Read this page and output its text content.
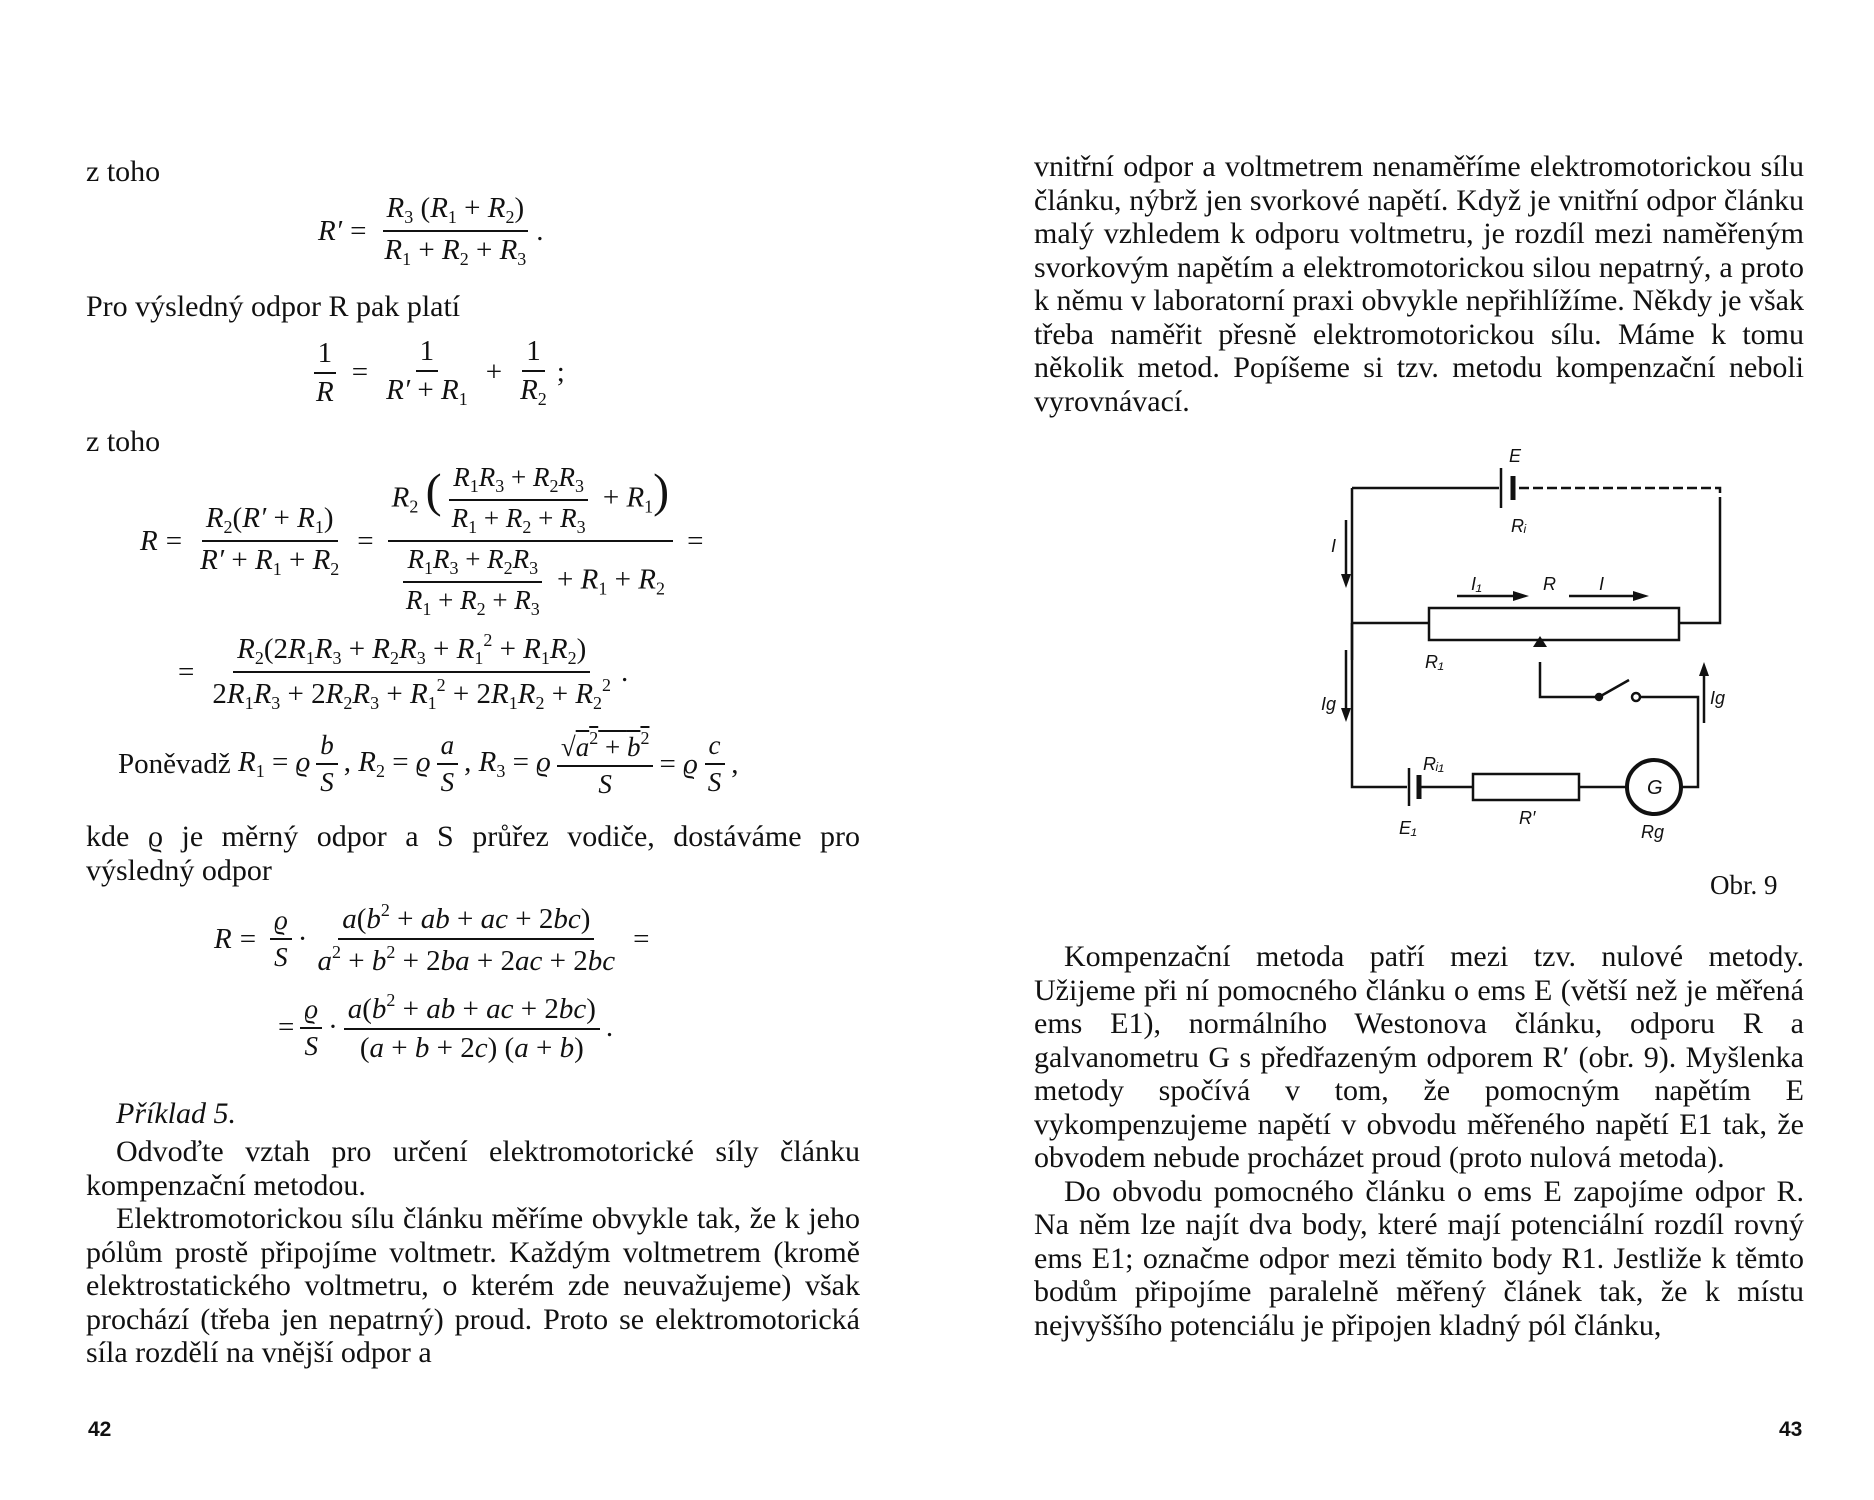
z toho
$R' = \frac{R_3 (R_1 + R_2)}{R_1 + R_2 + R_3}$ .
Pro výsledný odpor R pak platí
$\frac{1}{R} = \frac{1}{R' + R_1} + \frac{1}{R_2}$ ;
z toho
$R = \frac{R_2(R' + R_1)}{R' + R_1 + R_2} = \frac{R_2 ( \frac{R_1R_3 + R_2R_3}{R_1 + R_2 + R_3} + R_1)}{\frac{R_1R_3 + R_2R_3}{R_1 + R_2 + R_3} + R_1 + R_2}$ =
= $\frac{R_2(2R_1R_3 + R_2R_3 + R_1^2 + R_1R_2)}{2R_1R_3 + 2R_2R_3 + R_1^2 + 2R_1R_2 + R_2^2}$ .
Poněvadž $R_1 = ϱ \frac{b}{S}$ , $R_2 = ϱ \frac{a}{S}$ , $R_3 = ϱ \frac{√a^2 + b^2}{S} = ϱ \frac{c}{S}$ ,

kde ϱ je měrný odpor a S průřez vodiče, dostáváme pro výsledný odpor

$R = \frac{ϱ}{S} \cdot \frac{a(b^2 + ab + ac + 2bc)}{a^2 + b^2 + 2ba + 2ac + 2bc}$ =
= $\frac{ϱ}{S} \cdot \frac{a(b^2 + ab + ac + 2bc)}{(a + b + 2c) (a + b)}$ .
Příklad 5.

Odvoďte vztah pro určení elektromotorické síly článku kompenzační metodou.

Elektromotorickou sílu článku měříme obvykle tak, že k jeho pólům prostě připojíme voltmetr. Každým voltmetrem (kromě elektrostatického voltmetru, o kterém zde neuvažujeme) však prochází (třeba jen nepatrný) proud. Proto se elektromotorická síla rozdělí na vnější odpor a

42

vnitřní odpor a voltmetrem nenaměříme elektromotorickou sílu článku, nýbrž jen svorkové napětí. Když je vnitřní odpor článku malý vzhledem k odporu voltmetru, je rozdíl mezi naměřeným svorkovým napětím a elektromotorickou silou nepatrný, a proto k němu v laboratorní praxi obvykle nepřihlížíme. Někdy je však třeba naměřit přesně elektromotorickou sílu. Máme k tomu několik metod. Popíšeme si tzv. metodu kompenzační neboli vyrovnávací.

E
Rᵢ
I
I₁	R I
R₁
Ig	Ig
Rᵢ₁
E₁	R′
G
Rg
Obr. 9

Kompenzační metoda patří mezi tzv. nulové metody. Užijeme při ní pomocného článku o ems E (větší než je měřená ems E1), normálního Westonova článku, odporu R a galvanometru G s předřazeným odporem R′ (obr. 9). Myšlenka metody spočívá v tom, že pomocným napětím E vykompenzujeme napětí v obvodu měřeného napětí E1 tak, že obvodem nebude procházet proud (proto nulová metoda).

Do obvodu pomocného článku o ems E zapojíme odpor R. Na něm lze najít dva body, které mají potenciální rozdíl rovný ems E1; označme odpor mezi těmito body R1. Jestliže k těmto bodům připojíme paralelně měřený článek tak, že k místu nejvyššího potenciálu je připojen kladný pól článku,

43
